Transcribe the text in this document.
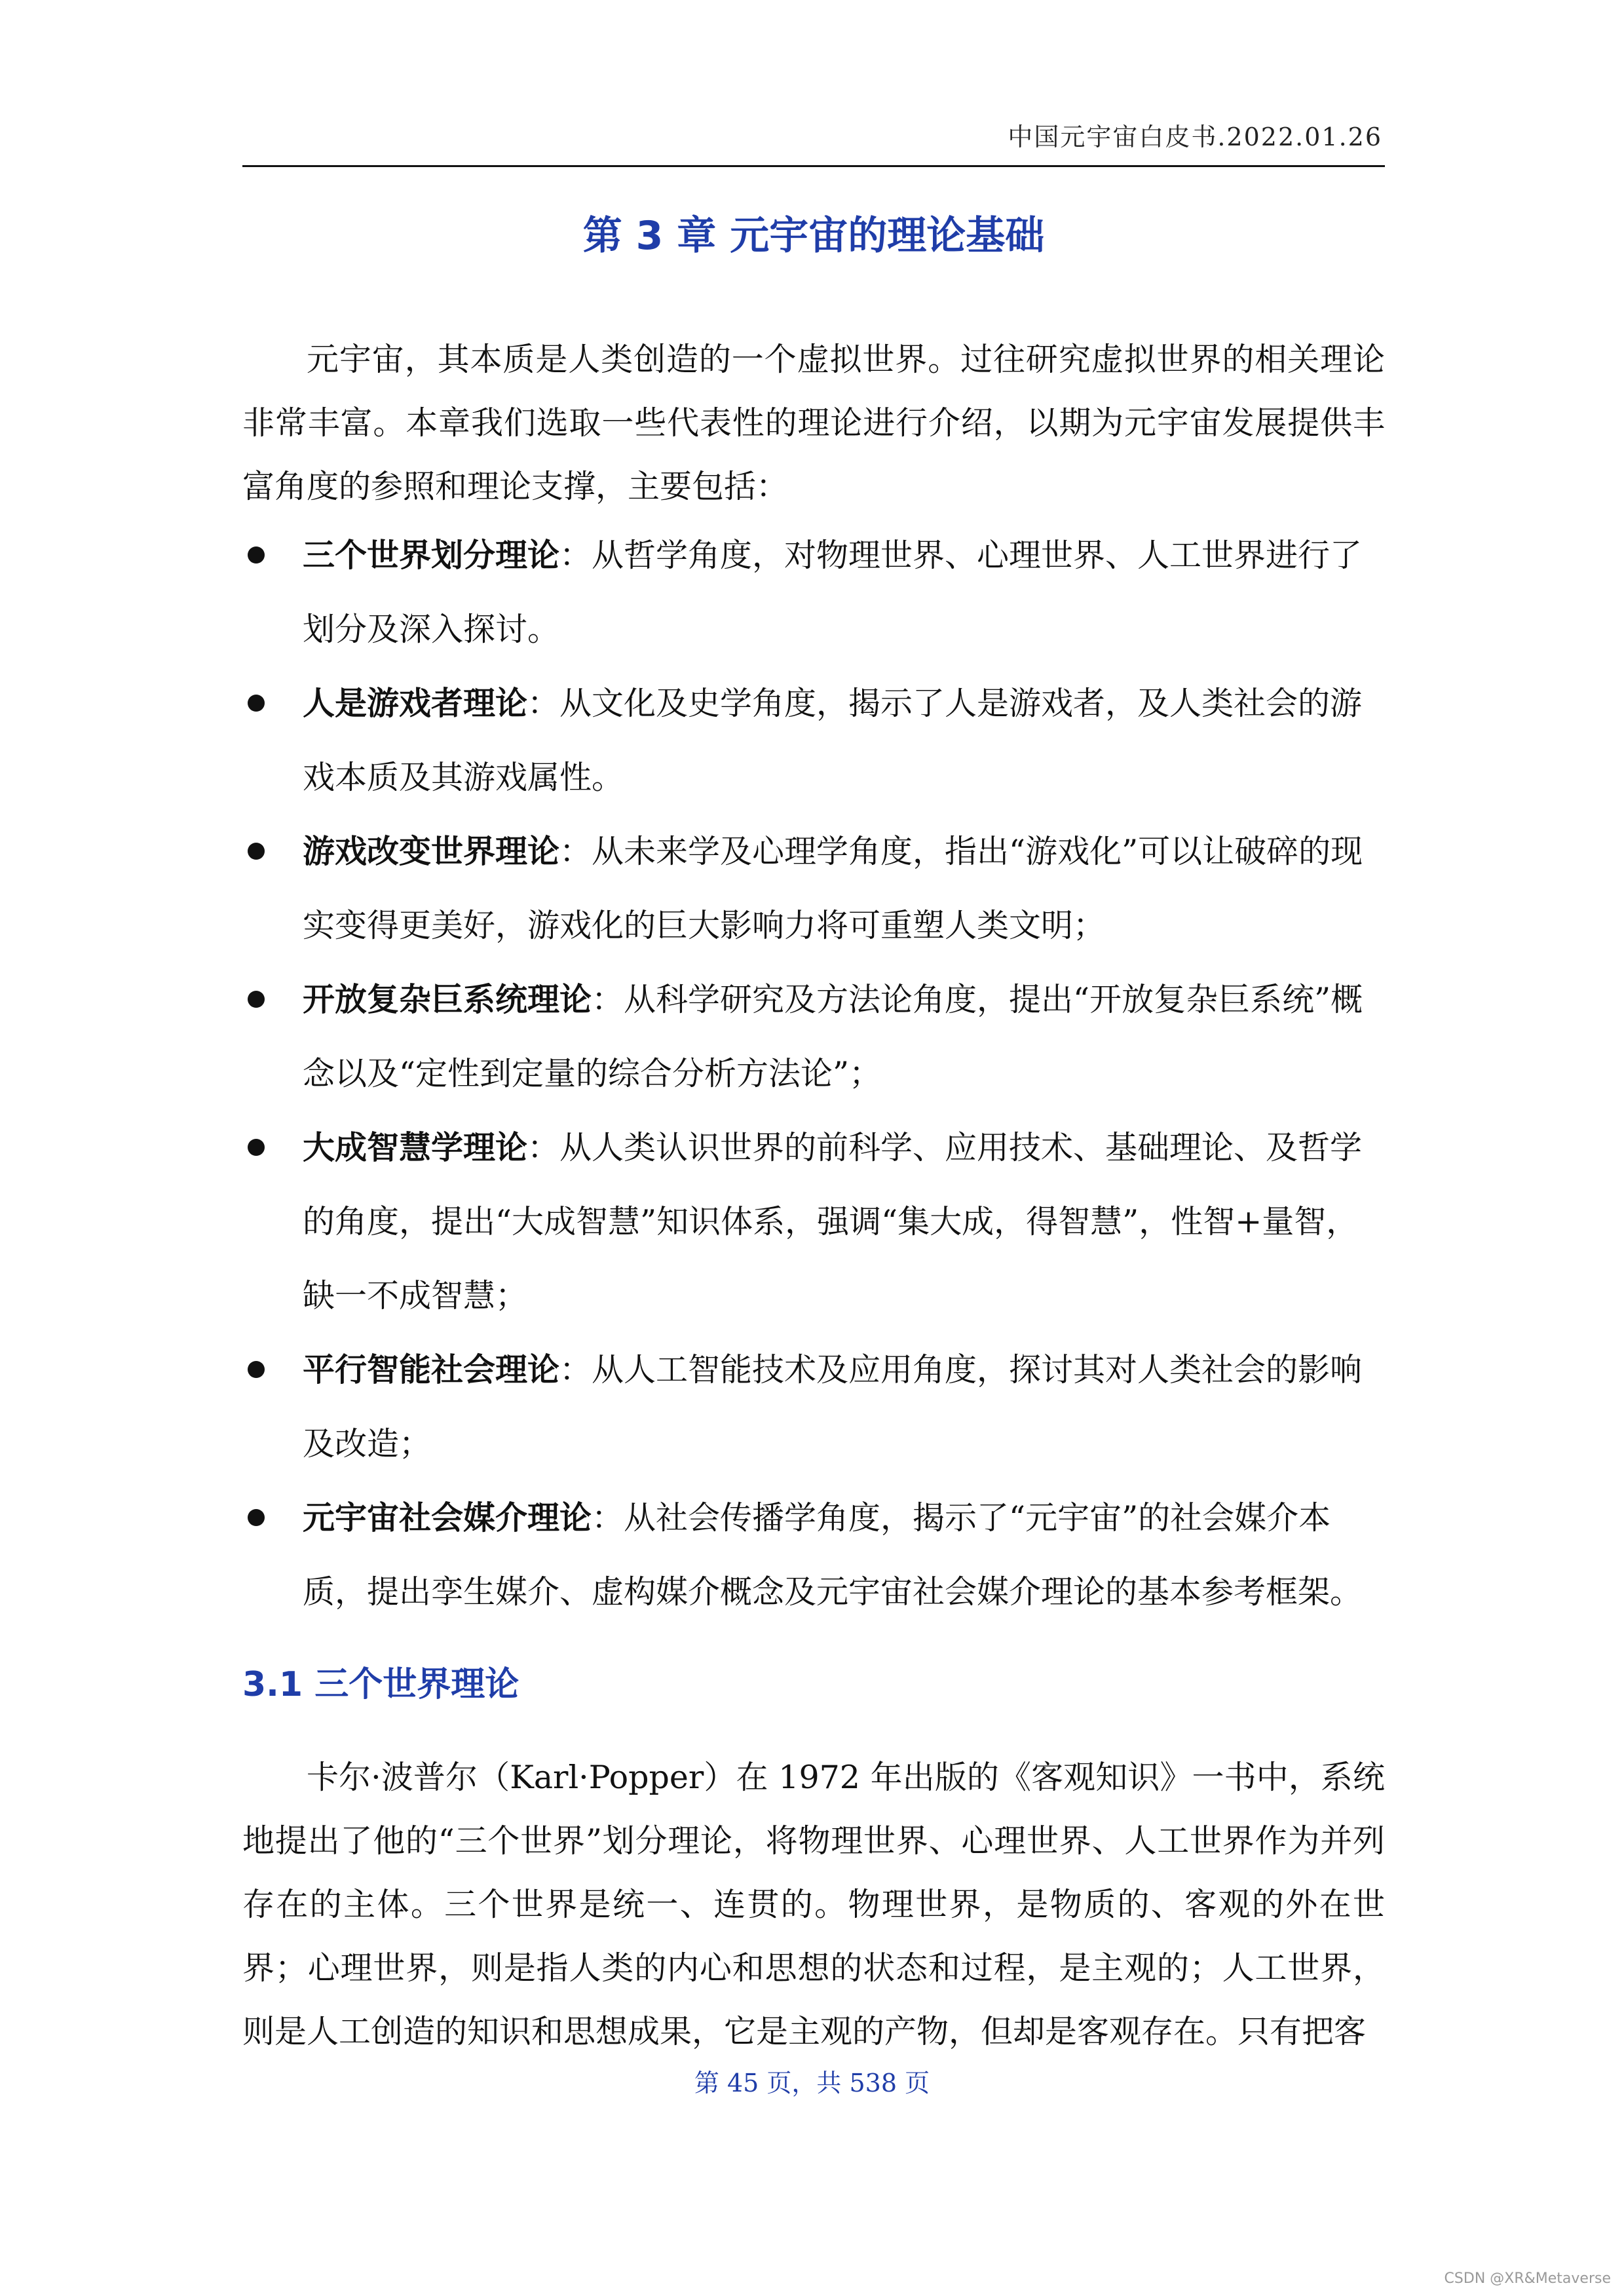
中国元宇宙白皮书.2022.01.26
第 3 章 元宇宙的理论基础

元宇宙，其本质是人类创造的一个虚拟世界。过往研究虚拟世界的相关理论非常丰富。本章我们选取一些代表性的理论进行介绍，以期为元宇宙发展提供丰富角度的参照和理论支撑，主要包括：

三个世界划分理论：从哲学角度，对物理世界、心理世界、人工世界进行了划分及深入探讨。
人是游戏者理论：从文化及史学角度，揭示了人是游戏者，及人类社会的游戏本质及其游戏属性。
游戏改变世界理论：从未来学及心理学角度，指出“游戏化”可以让破碎的现实变得更美好，游戏化的巨大影响力将可重塑人类文明；
开放复杂巨系统理论：从科学研究及方法论角度，提出“开放复杂巨系统”概念以及“定性到定量的综合分析方法论”；
大成智慧学理论：从人类认识世界的前科学、应用技术、基础理论、及哲学的角度，提出“大成智慧”知识体系，强调“集大成，得智慧”，性智+量智，缺一不成智慧；
平行智能社会理论：从人工智能技术及应用角度，探讨其对人类社会的影响及改造；
元宇宙社会媒介理论：从社会传播学角度，揭示了“元宇宙”的社会媒介本质，提出孪生媒介、虚构媒介概念及元宇宙社会媒介理论的基本参考框架。
3.1 三个世界理论

卡尔·波普尔（Karl·Popper）在 1972 年出版的《客观知识》一书中，系统地提出了他的“三个世界”划分理论，将物理世界、心理世界、人工世界作为并列存在的主体。三个世界是统一、连贯的。物理世界，是物质的、客观的外在世界；心理世界，则是指人类的内心和思想的状态和过程，是主观的；人工世界，则是人工创造的知识和思想成果，它是主观的产物，但却是客观存在。只有把客

第 45 页，共 538 页
CSDN @XR&Metaverse
